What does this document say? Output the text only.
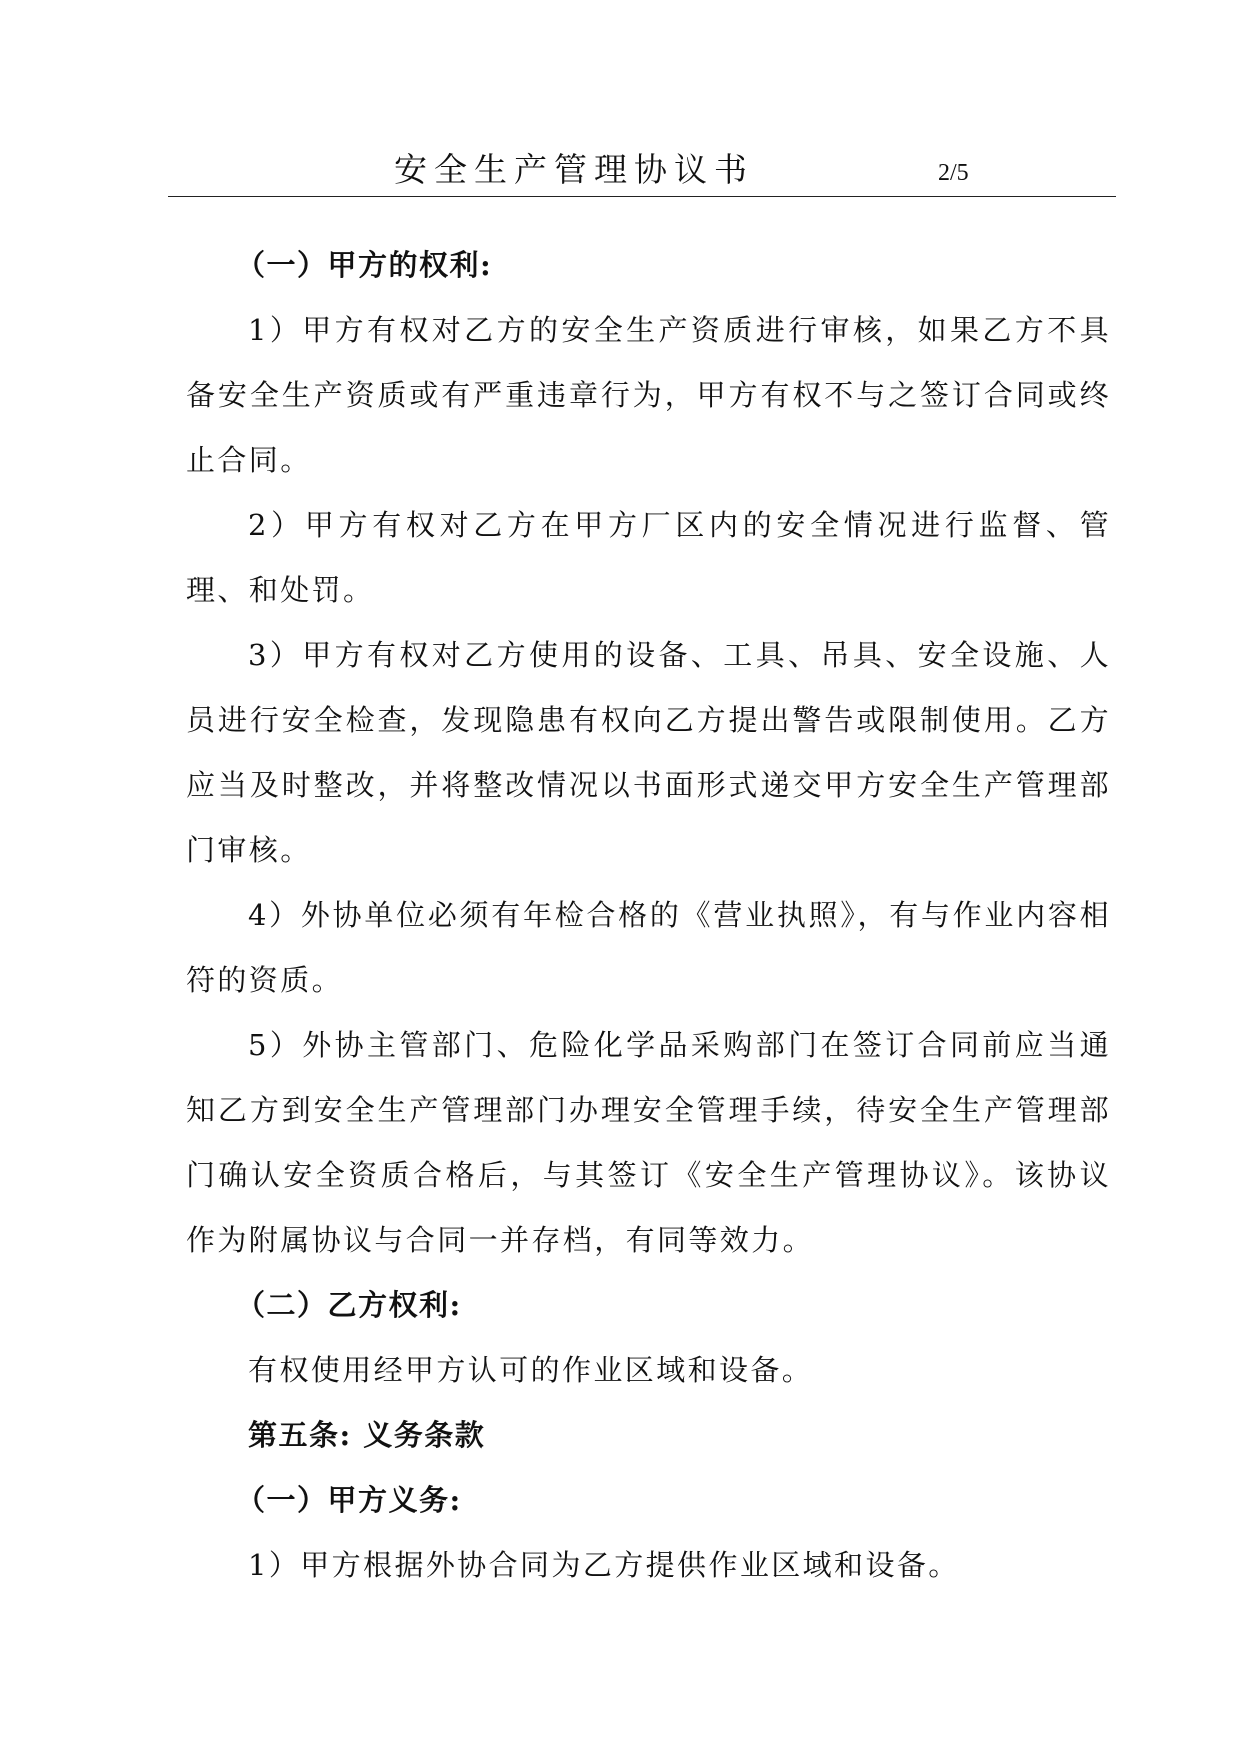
安全生产管理协议书	2/5

（一）甲方的权利:

1）甲方有权对乙方的安全生产资质进行审核，如果乙方不具备安全生产资质或有严重违章行为，甲方有权不与之签订合同或终止合同。

2）甲方有权对乙方在甲方厂区内的安全情况进行监督、管理、和处罚。

3）甲方有权对乙方使用的设备、工具、吊具、安全设施、人员进行安全检查，发现隐患有权向乙方提出警告或限制使用。乙方应当及时整改，并将整改情况以书面形式递交甲方安全生产管理部门审核。

4）外协单位必须有年检合格的《营业执照》，有与作业内容相符的资质。

5）外协主管部门、危险化学品采购部门在签订合同前应当通知乙方到安全生产管理部门办理安全管理手续，待安全生产管理部门确认安全资质合格后，与其签订《安全生产管理协议》。该协议作为附属协议与合同一并存档，有同等效力。

（二）乙方权利:

有权使用经甲方认可的作业区域和设备。

第五条: 义务条款

（一）甲方义务:

1）甲方根据外协合同为乙方提供作业区域和设备。
